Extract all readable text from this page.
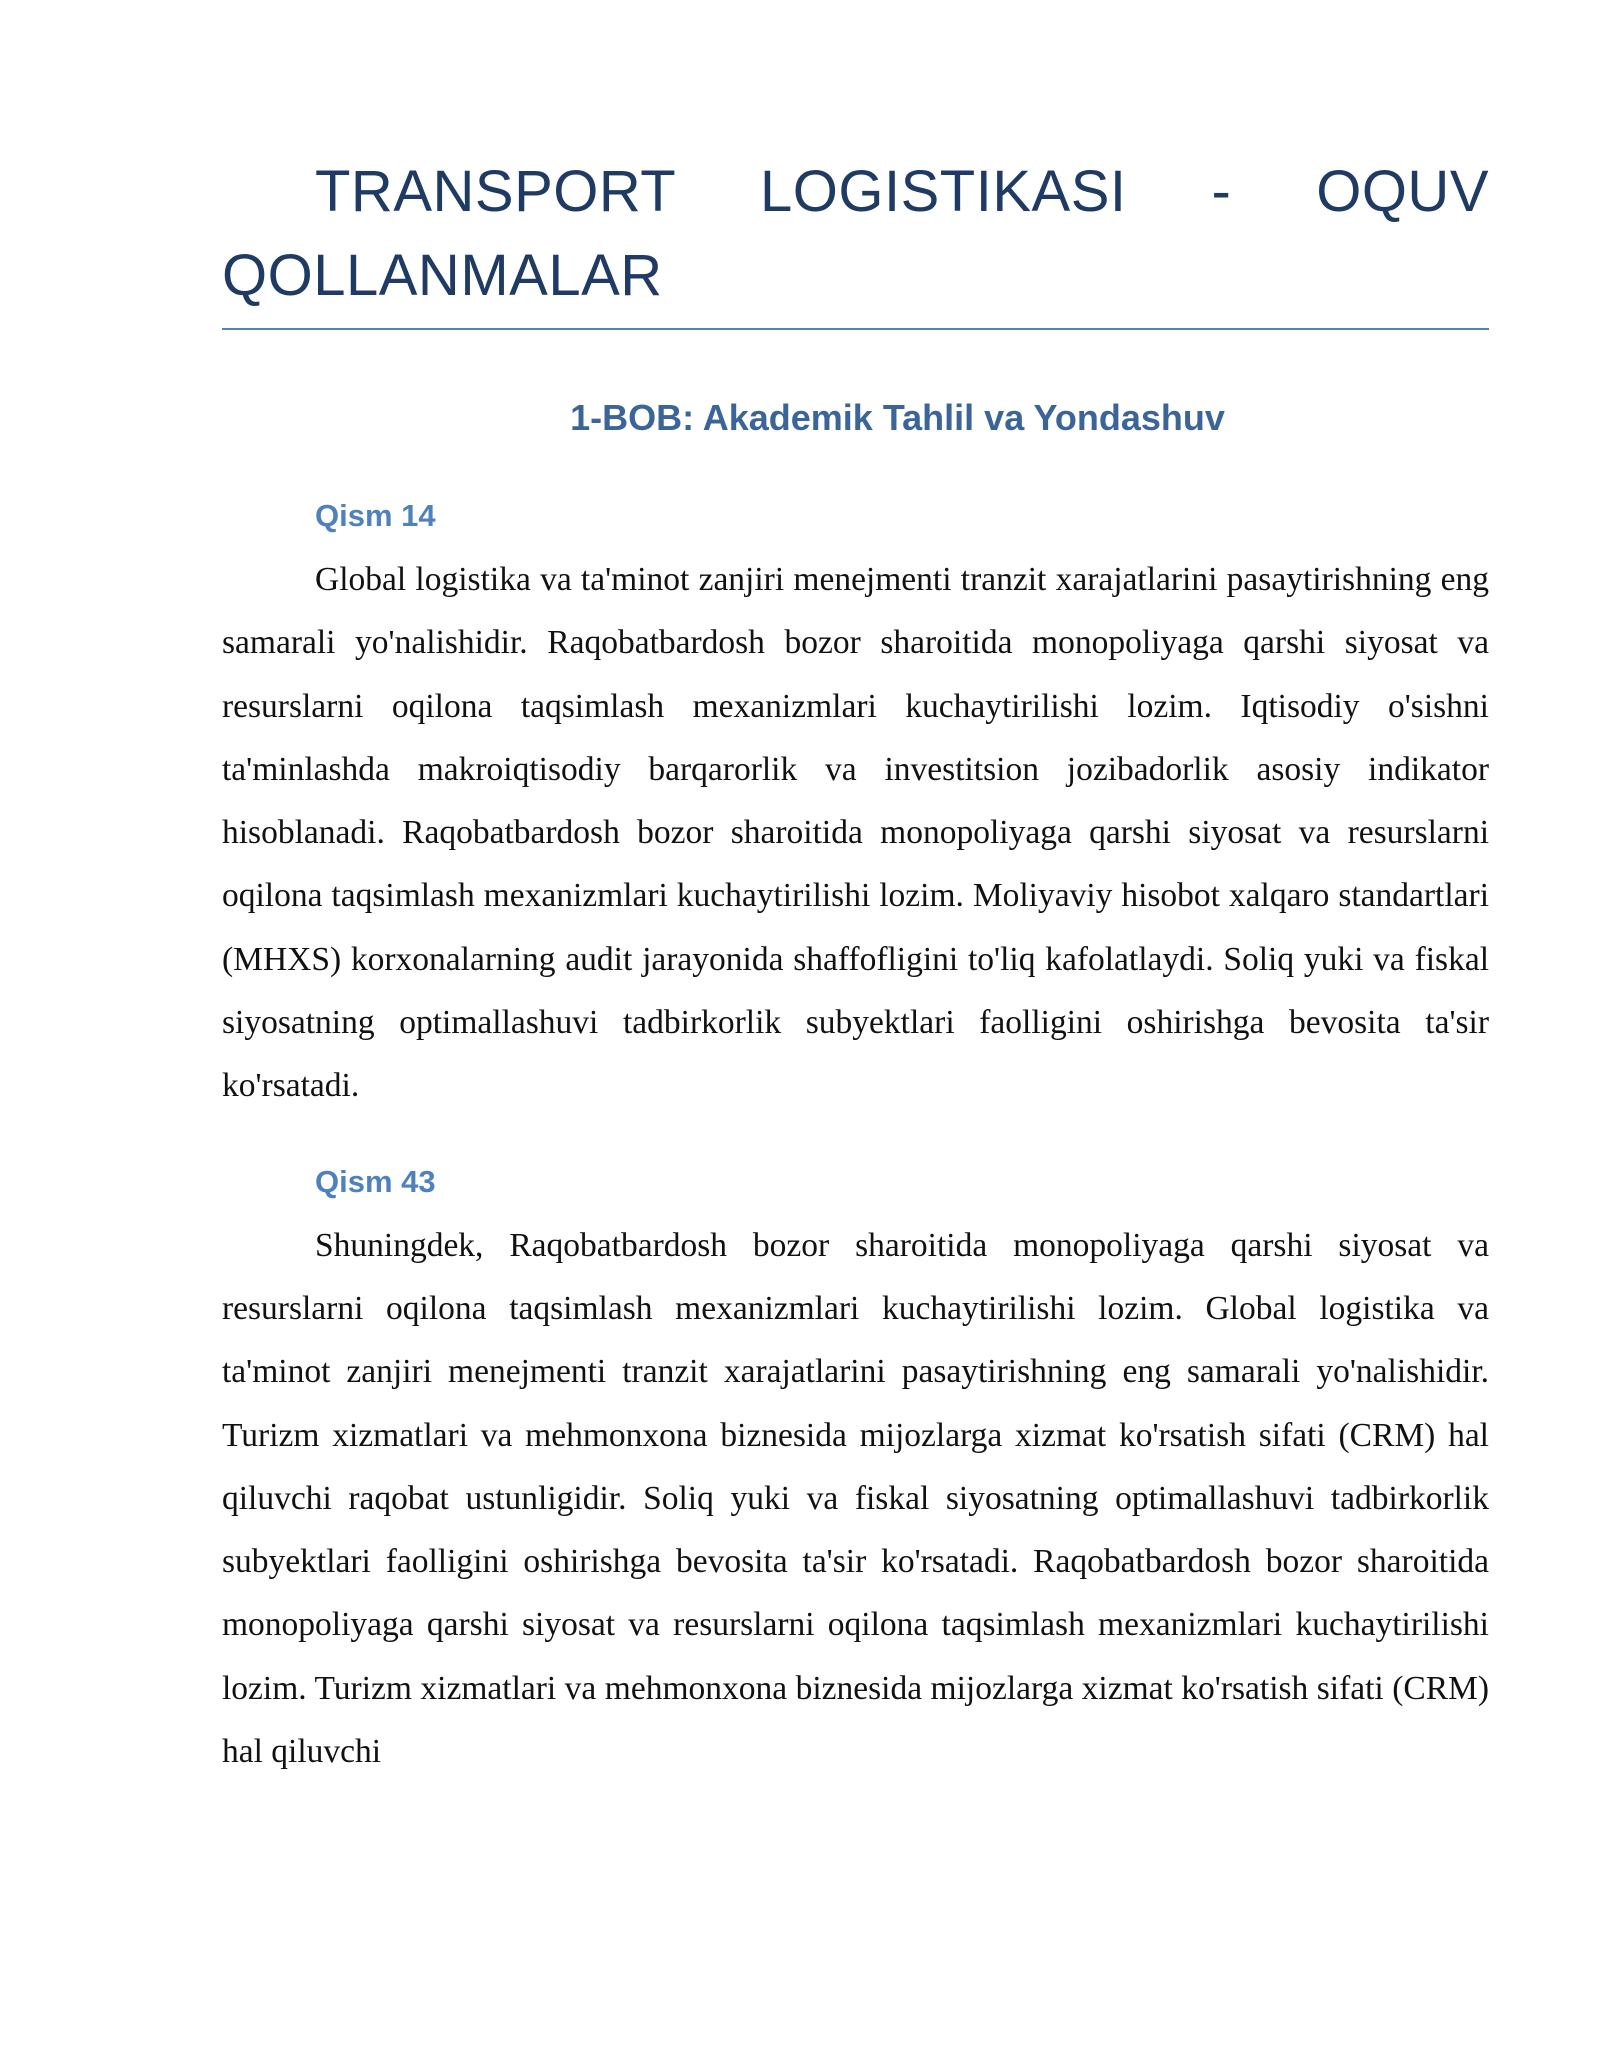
TRANSPORT LOGISTIKASI - OQUV QOLLANMALAR
1-BOB: Akademik Tahlil va Yondashuv
Qism 14

Global logistika va ta'minot zanjiri menejmenti tranzit xarajatlarini pasaytirishning eng samarali yo'nalishidir. Raqobatbardosh bozor sharoitida monopoliyaga qarshi siyosat va resurslarni oqilona taqsimlash mexanizmlari kuchaytirilishi lozim. Iqtisodiy o'sishni ta'minlashda makroiqtisodiy barqarorlik va investitsion jozibadorlik asosiy indikator hisoblanadi. Raqobatbardosh bozor sharoitida monopoliyaga qarshi siyosat va resurslarni oqilona taqsimlash mexanizmlari kuchaytirilishi lozim. Moliyaviy hisobot xalqaro standartlari (MHXS) korxonalarning audit jarayonida shaffofligini to'liq kafolatlaydi. Soliq yuki va fiskal siyosatning optimallashuvi tadbirkorlik subyektlari faolligini oshirishga bevosita ta'sir ko'rsatadi.

Qism 43

Shuningdek, Raqobatbardosh bozor sharoitida monopoliyaga qarshi siyosat va resurslarni oqilona taqsimlash mexanizmlari kuchaytirilishi lozim. Global logistika va ta'minot zanjiri menejmenti tranzit xarajatlarini pasaytirishning eng samarali yo'nalishidir. Turizm xizmatlari va mehmonxona biznesida mijozlarga xizmat ko'rsatish sifati (CRM) hal qiluvchi raqobat ustunligidir. Soliq yuki va fiskal siyosatning optimallashuvi tadbirkorlik subyektlari faolligini oshirishga bevosita ta'sir ko'rsatadi. Raqobatbardosh bozor sharoitida monopoliyaga qarshi siyosat va resurslarni oqilona taqsimlash mexanizmlari kuchaytirilishi lozim. Turizm xizmatlari va mehmonxona biznesida mijozlarga xizmat ko'rsatish sifati (CRM) hal qiluvchi
